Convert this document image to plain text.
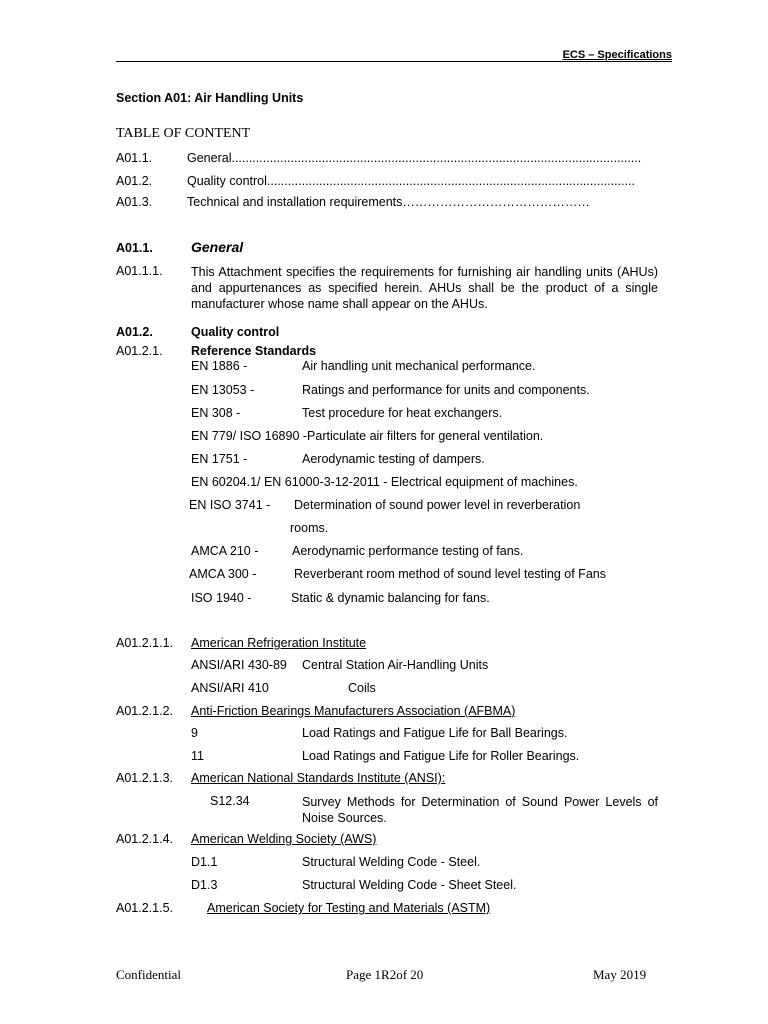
ECS – Specifications
Section A01: Air Handling Units
TABLE OF CONTENT
A01.1.	General......................................................................................................................
A01.2.	Quality control..........................................................................................................
A01.3.	Technical and installation requirements………………………………………
A01.1.	General
A01.1.1. This Attachment specifies the requirements for furnishing air handling units (AHUs) and appurtenances as specified herein. AHUs shall be the product of a single manufacturer whose name shall appear on the AHUs.
A01.2.	Quality control
A01.2.1. Reference Standards
EN 1886 -	Air handling unit mechanical performance.
EN 13053 -	Ratings and performance for units and components.
EN 308 -	Test procedure for heat exchangers.
EN 779/ ISO 16890 -Particulate air filters for general ventilation.
EN 1751 -	Aerodynamic testing of dampers.
EN 60204.1/ EN 61000-3-12-2011 - Electrical equipment of machines.
EN ISO 3741 - Determination of sound power level in reverberation
rooms.
AMCA 210 -	Aerodynamic performance testing of fans.
AMCA 300 -	Reverberant room method of sound level testing of Fans
ISO 1940 -	Static & dynamic balancing for fans.
A01.2.1.1. American Refrigeration Institute
ANSI/ARI 430-89 Central Station Air-Handling Units
ANSI/ARI 410	Coils
A01.2.1.2. Anti-Friction Bearings Manufacturers Association (AFBMA)
9	Load Ratings and Fatigue Life for Ball Bearings.
11	Load Ratings and Fatigue Life for Roller Bearings.
A01.2.1.3. American National Standards Institute (ANSI):
S12.34	Survey Methods for Determination of Sound Power Levels of Noise Sources.
A01.2.1.4. American Welding Society (AWS)
D1.1	Structural Welding Code - Steel.
D1.3	Structural Welding Code - Sheet Steel.
A01.2.1.5.	American Society for Testing and Materials (ASTM)
Confidential	Page 1R2of 20	May 2019
